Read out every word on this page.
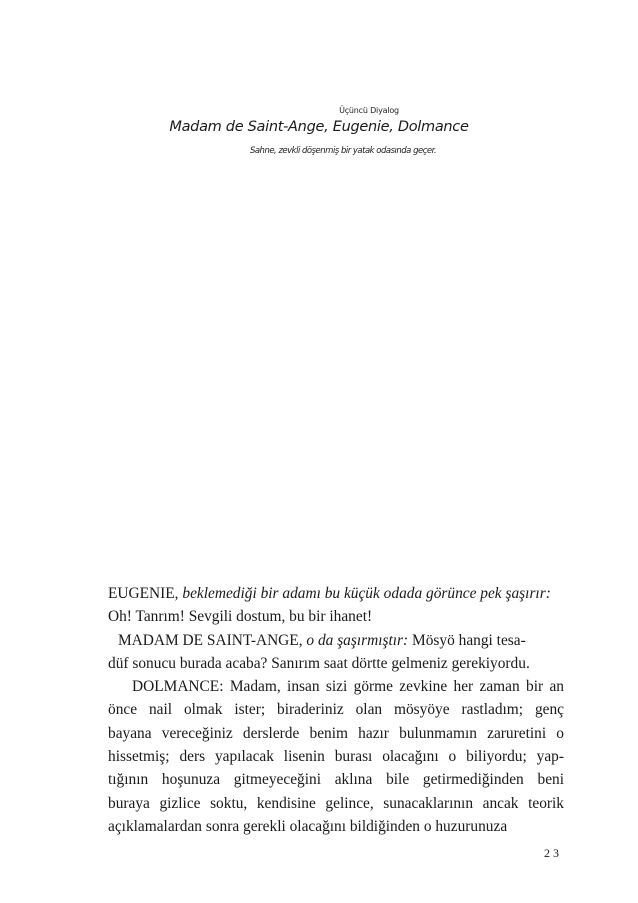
Üçüncü Diyalog
Madam de Saint-Ange, Eugenie, Dolmance
Sahne, zevkli döşenmiş bir yatak odasında geçer.
EUGENIE, beklemediği bir adamı bu küçük odada görünce pek şaşırır:
Oh! Tanrım! Sevgili dostum, bu bir ihanet!
MADAM DE SAINT-ANGE, o da şaşırmıştır: Mösyö hangi tesa-
düf sonucu burada acaba? Sanırım saat dörtte gelmeniz gerekiyordu.
DOLMANCE: Madam, insan sizi görme zevkine her zaman bir an
önce nail olmak ister; biraderiniz olan mösyöye rastladım; genç
bayana vereceğiniz derslerde benim hazır bulunmamın zaruretini o
hissetmiş; ders yapılacak lisenin burası olacağını o biliyordu; yap-
tığının hoşunuza gitmeyeceğini aklına bile getirmediğinden beni
buraya gizlice soktu, kendisine gelince, sunacaklarının ancak teorik
açıklamalardan sonra gerekli olacağını bildiğinden o huzurunuza
23
